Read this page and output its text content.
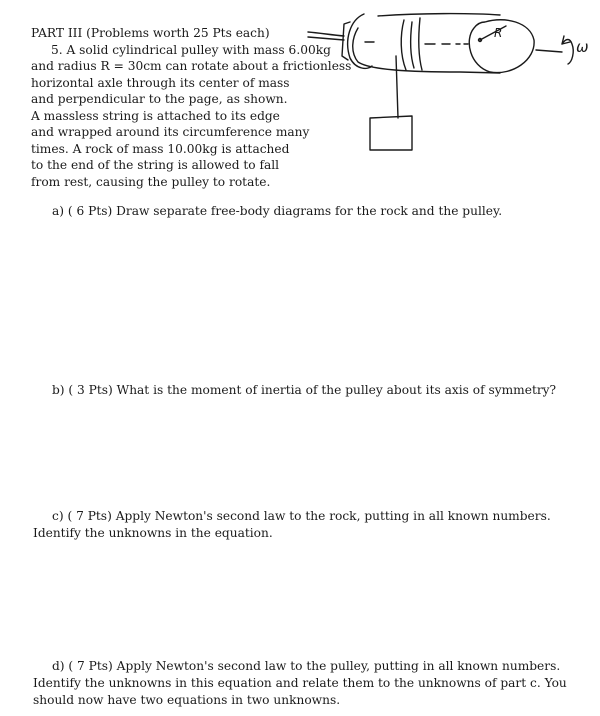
PART III (Problems worth 25 Pts each)
5. A solid cylindrical pulley with mass 6.00kg
and radius R = 30cm can rotate about a frictionless
horizontal axle through its center of mass
and perpendicular to the page, as shown.
A massless string is attached to its edge
and wrapped around its circumference many
times. A rock of mass 10.00kg is attached
to the end of the string is allowed to fall
from rest, causing the pulley to rotate.
R
ω
a) ( 6 Pts) Draw separate free-body diagrams for the rock and the pulley.
b) ( 3 Pts) What is the moment of inertia of the pulley about its axis of symmetry?
c) ( 7 Pts) Apply Newton's second law to the rock, putting in all known numbers.
Identify the unknowns in the equation.
d) ( 7 Pts) Apply Newton's second law to the pulley, putting in all known numbers.
Identify the unknowns in this equation and relate them to the unknowns of part c. You
should now have two equations in two unknowns.
